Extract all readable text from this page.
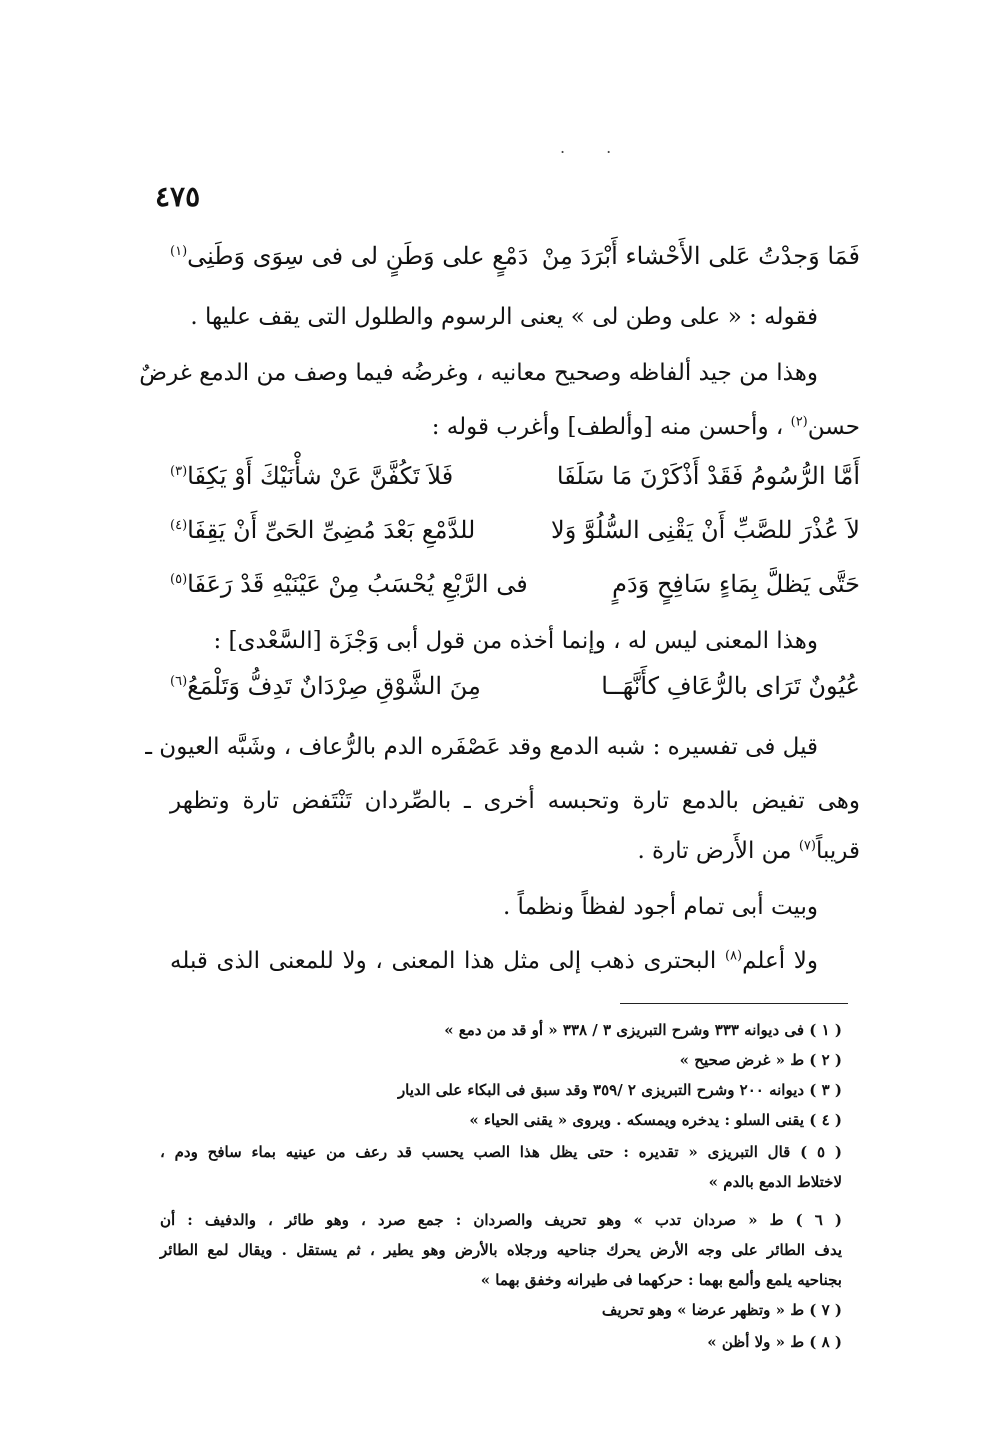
. .
٤٧٥
فَمَا وَجدْتُ عَلى الأَحْشاء أَبْرَدَ مِنْ
دَمْعٍ على وَطَنٍ لى فى سِوَى وَطَنِى$^{(١)}$
فقوله : « على وطن لى » يعنى الرسوم والطلول التى يقف عليها .
وهذا من جيد ألفاظه وصحيح معانيه ، وغرضُه فيما وصف من الدمع غرضٌ
حسن$^{(٢)}$ ، وأحسن منه [وألطف] وأغرب قوله :
أَمَّا الرُّسُومُ فَقَدْ أَذْكَرْنَ مَا سَلَفَا
فَلاَ تَكُفَّنَّ عَنْ شأْنَيْكَ أَوْ يَكِفَا$^{(٣)}$
لاَ عُذْرَ للصَّبِّ أَنْ يَقْنِى السُّلُوَّ وَلا
للدَّمْعِ بَعْدَ مُضِىِّ الحَىِّ أَنْ يَقِفَا$^{(٤)}$
حَتَّى يَظلَّ بِمَاءٍ سَافِحٍ وَدَمٍ
فى الرَّبْعِ يُحْسَبُ مِنْ عَيْنَيْهِ قَدْ رَعَفَا$^{(٥)}$
وهذا المعنى ليس له ، وإنما أخذه من قول أبى وَجْزَة [السَّعْدى] :
عُيُونٌ تَرَاى بالرُّعَافِ كأَنَّهَــا
مِنَ الشَّوْقِ صِرْدَانٌ تَدِفُّ وَتَلْمَعُ$^{(٦)}$
قيل فى تفسيره : شبه الدمع وقد عَصْفَره الدم بالرُّعاف ، وشَبَّه العيون ـ
وهى تفيض بالدمع تارة وتحبسه أخرى ـ بالصِّردان تَنْتَفض تارة وتظهر
قريباً$^{(٧)}$ من الأَرض تارة .
وبيت أبى تمام أجود لفظاً ونظماً .
ولا أعلم$^{(٨)}$ البحترى ذهب إلى مثل هذا المعنى ، ولا للمعنى الذى قبله
( ١ ) فى ديوانه ٣٣٣ وشرح التبريزى ٣ / ٣٣٨ « أو قد من دمع »
( ٢ ) ط « غرض صحيح »
( ٣ ) ديوانه ٢٠٠ وشرح التبريزى ٢ /٣٥٩ وقد سبق فى البكاء على الديار
( ٤ ) يقنى السلو : يدخره ويمسكه . ويروى « يقنى الحياء »
( ٥ ) قال التبريزى « تقديره : حتى يظل هذا الصب يحسب قد رعف من عينيه بماء سافح ودم ،
لاختلاط الدمع بالدم »
( ٦ ) ط « صردان تدب » وهو تحريف والصردان : جمع صرد ، وهو طائر ، والدفيف : أن
يدف الطائر على وجه الأرض يحرك جناحيه ورجلاه بالأرض وهو يطير ، ثم يستقل . ويقال لمع الطائر
بجناحيه يلمع وألمع بهما : حركهما فى طيرانه وخفق بهما »
( ٧ ) ط « وتظهر عرضا » وهو تحريف
( ٨ ) ط « ولا أظن »
